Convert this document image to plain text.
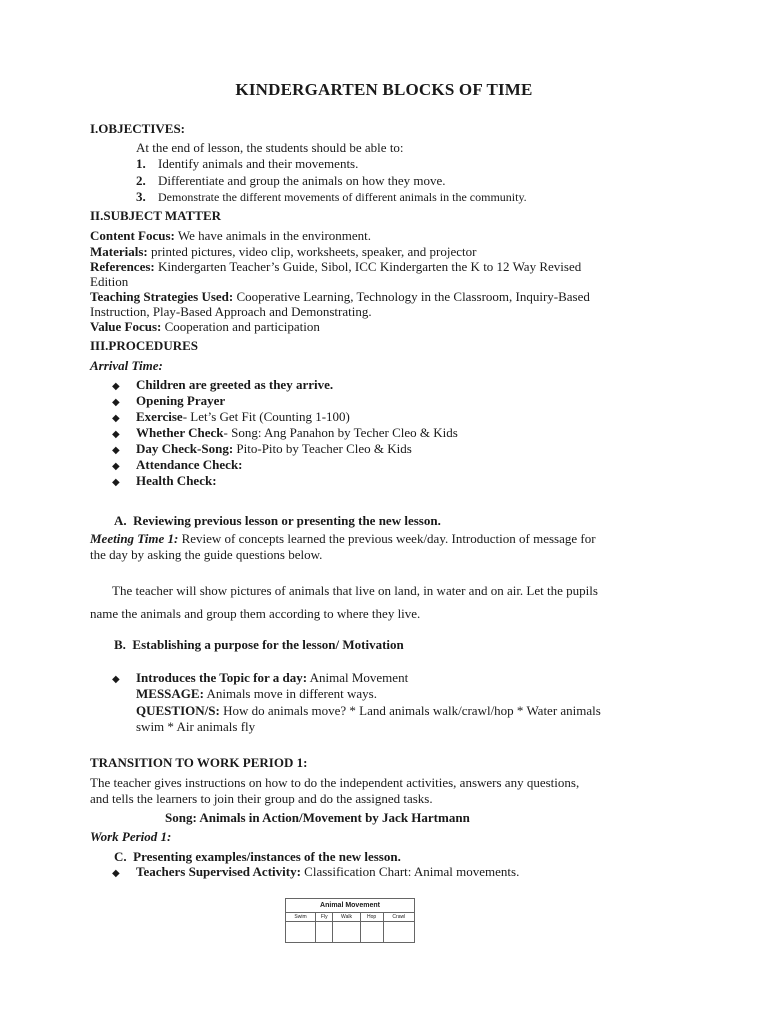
KINDERGARTEN BLOCKS OF TIME
I.OBJECTIVES:
At the end of lesson, the students should be able to:
1. Identify animals and their movements.
2. Differentiate and group the animals on how they move.
3. Demonstrate the different movements of different animals in the community.
II.SUBJECT MATTER
Content Focus: We have animals in the environment.
Materials: printed pictures, video clip, worksheets, speaker, and projector
References: Kindergarten Teacher’s Guide, Sibol, ICC Kindergarten the K to 12 Way Revised
Edition
Teaching Strategies Used: Cooperative Learning, Technology in the Classroom, Inquiry-Based
Instruction, Play-Based Approach and Demonstrating.
Value Focus: Cooperation and participation
III.PROCEDURES
Arrival Time:
◆ Children are greeted as they arrive.
◆ Opening Prayer
◆ Exercise- Let’s Get Fit (Counting 1-100)
◆ Whether Check- Song: Ang Panahon by Techer Cleo & Kids
◆ Day Check-Song: Pito-Pito by Teacher Cleo & Kids
◆ Attendance Check:
◆ Health Check:
A.  Reviewing previous lesson or presenting the new lesson.
Meeting Time 1: Review of concepts learned the previous week/day. Introduction of message for
the day by asking the guide questions below.
The teacher will show pictures of animals that live on land, in water and on air. Let the pupils
name the animals and group them according to where they live.
B.  Establishing a purpose for the lesson/ Motivation
◆ Introduces the Topic for a day: Animal Movement
MESSAGE: Animals move in different ways.
QUESTION/S: How do animals move? * Land animals walk/crawl/hop * Water animals
swim * Air animals fly
TRANSITION TO WORK PERIOD 1:
The teacher gives instructions on how to do the independent activities, answers any questions,
and tells the learners to join their group and do the assigned tasks.
Song: Animals in Action/Movement by Jack Hartmann
Work Period 1:
C.  Presenting examples/instances of the new lesson.
◆ Teachers Supervised Activity: Classification Chart: Animal movements.
Animal Movement				
Swim	Fly	Walk	Hop	Crawl
